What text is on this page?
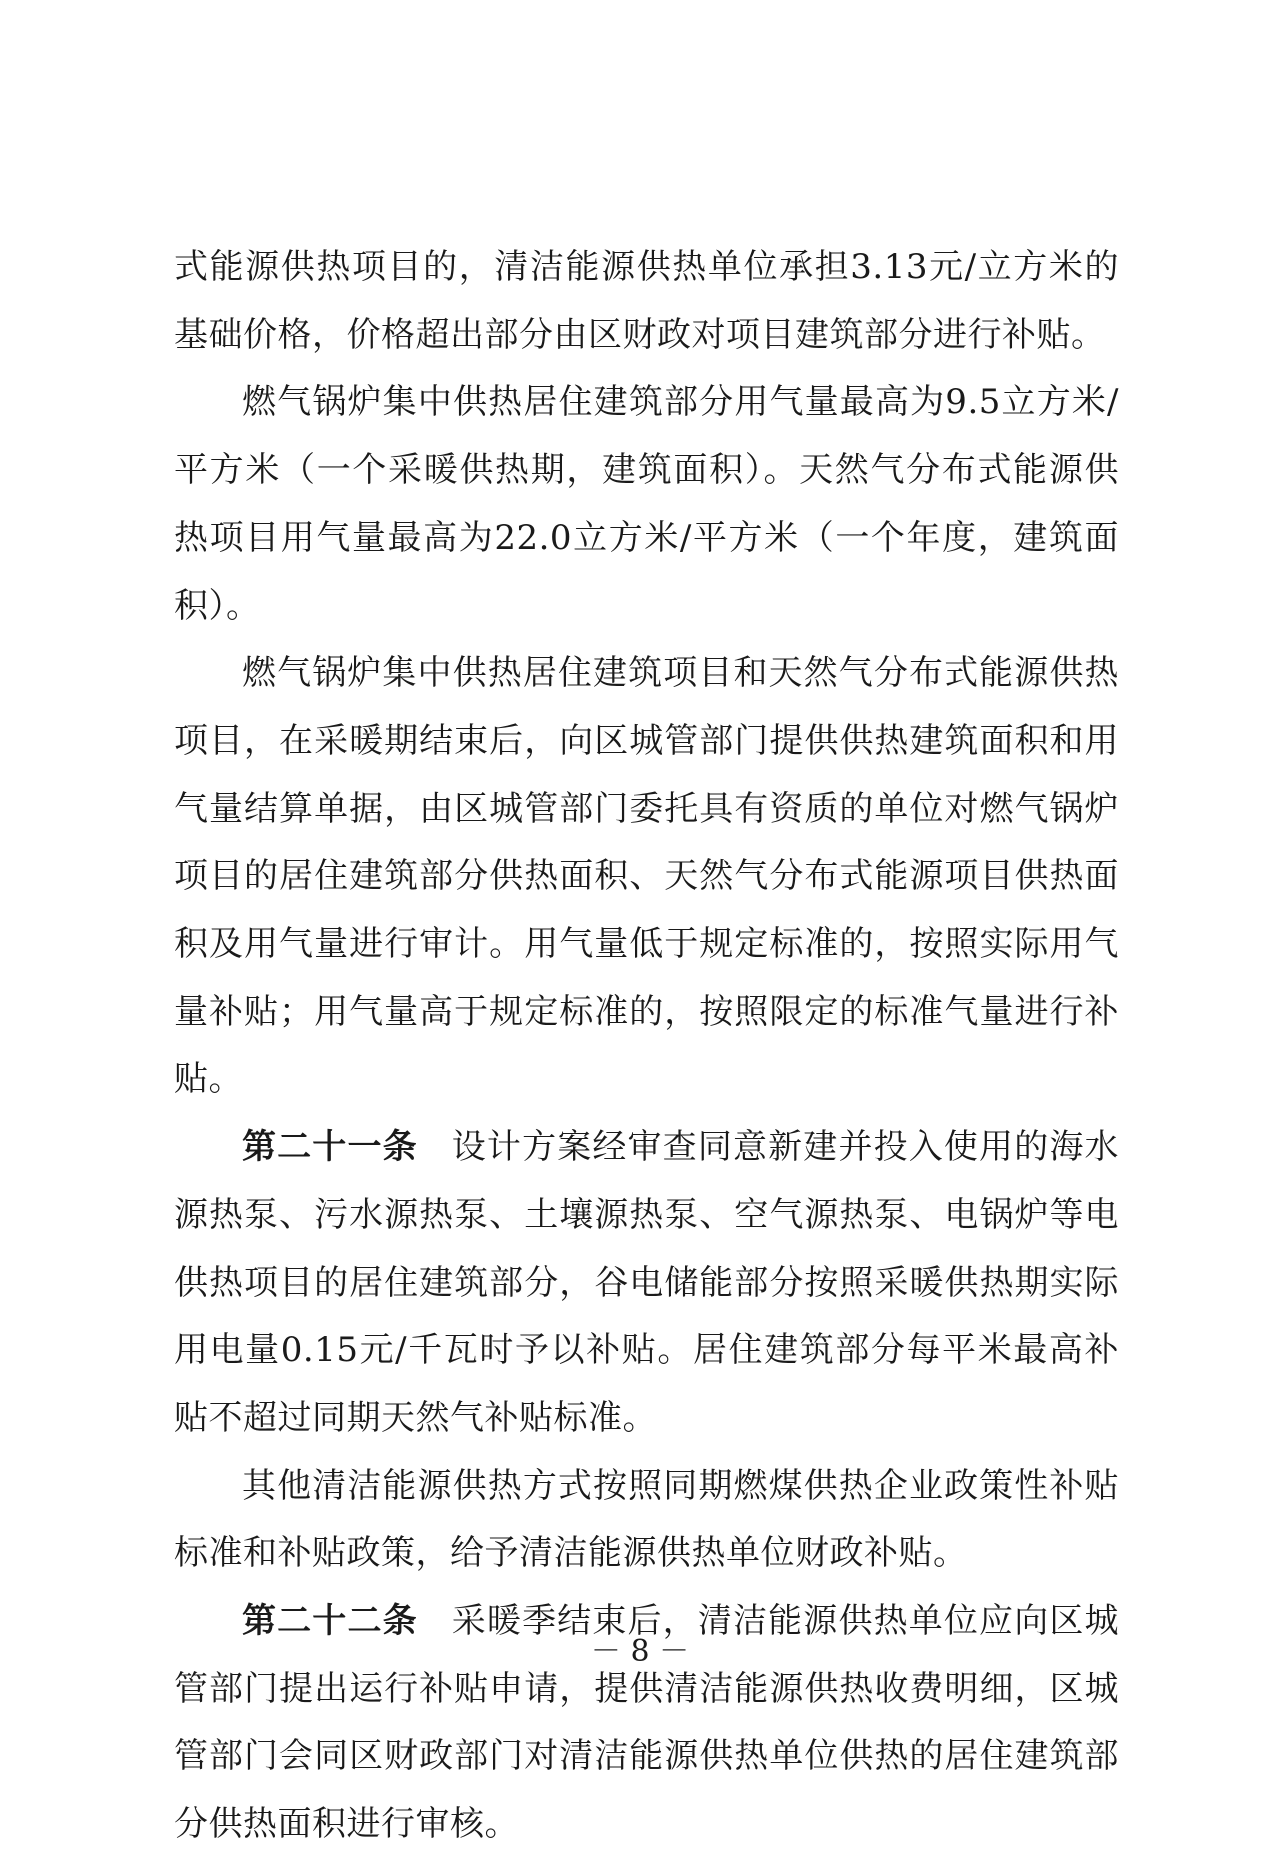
式能源供热项目的，清洁能源供热单位承担3.13元/立方米的基础价格，价格超出部分由区财政对项目建筑部分进行补贴。

燃气锅炉集中供热居住建筑部分用气量最高为9.5立方米/平方米（一个采暖供热期，建筑面积）。天然气分布式能源供热项目用气量最高为22.0立方米/平方米（一个年度，建筑面积）。

燃气锅炉集中供热居住建筑项目和天然气分布式能源供热项目，在采暖期结束后，向区城管部门提供供热建筑面积和用气量结算单据，由区城管部门委托具有资质的单位对燃气锅炉项目的居住建筑部分供热面积、天然气分布式能源项目供热面积及用气量进行审计。用气量低于规定标准的，按照实际用气量补贴；用气量高于规定标准的，按照限定的标准气量进行补贴。

第二十一条 设计方案经审查同意新建并投入使用的海水源热泵、污水源热泵、土壤源热泵、空气源热泵、电锅炉等电供热项目的居住建筑部分，谷电储能部分按照采暖供热期实际用电量0.15元/千瓦时予以补贴。居住建筑部分每平米最高补贴不超过同期天然气补贴标准。

其他清洁能源供热方式按照同期燃煤供热企业政策性补贴标准和补贴政策，给予清洁能源供热单位财政补贴。

第二十二条 采暖季结束后，清洁能源供热单位应向区城管部门提出运行补贴申请，提供清洁能源供热收费明细，区城管部门会同区财政部门对清洁能源供热单位供热的居住建筑部分供热面积进行审核。

－ 8 －
